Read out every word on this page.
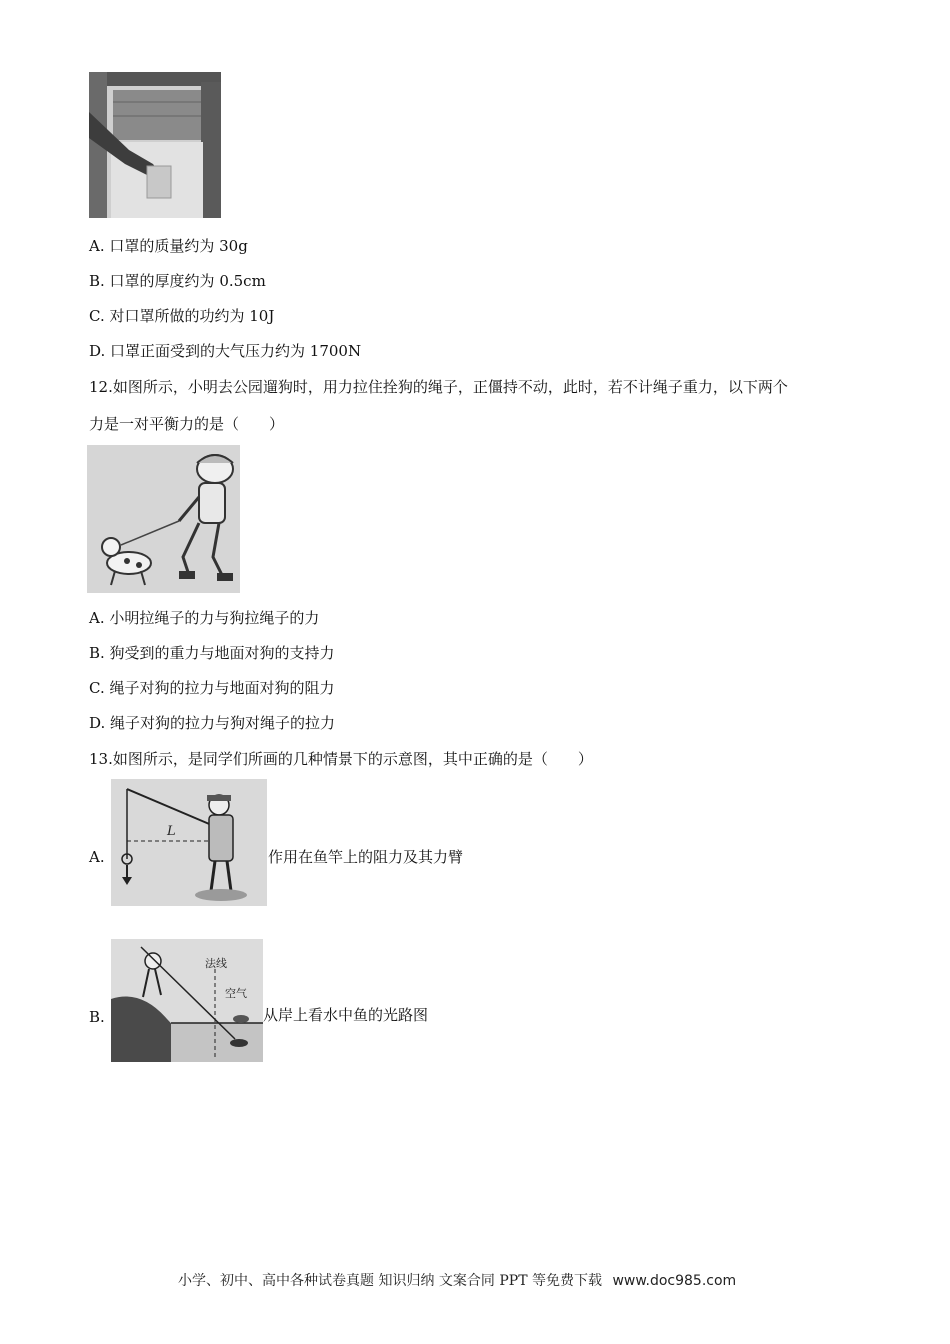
A. 口罩的质量约为 30g
B. 口罩的厚度约为 0.5cm
C. 对口罩所做的功约为 10J
D. 口罩正面受到的大气压力约为 1700N
12.如图所示，小明去公园遛狗时，用力拉住拴狗的绳子，正僵持不动，此时，若不计绳子重力，以下两个
力是一对平衡力的是（　　）
A. 小明拉绳子的力与狗拉绳子的力
B. 狗受到的重力与地面对狗的支持力
C. 绳子对狗的拉力与地面对狗的阻力
D. 绳子对狗的拉力与狗对绳子的拉力
13.如图所示，是同学们所画的几种情景下的示意图，其中正确的是（　　）
A.
L
作用在鱼竿上的阻力及其力臂
B.
法线
空气
从岸上看水中鱼的光路图
小学、初中、高中各种试卷真题 知识归纳 文案合同 PPT 等免费下载 www.doc985.com
